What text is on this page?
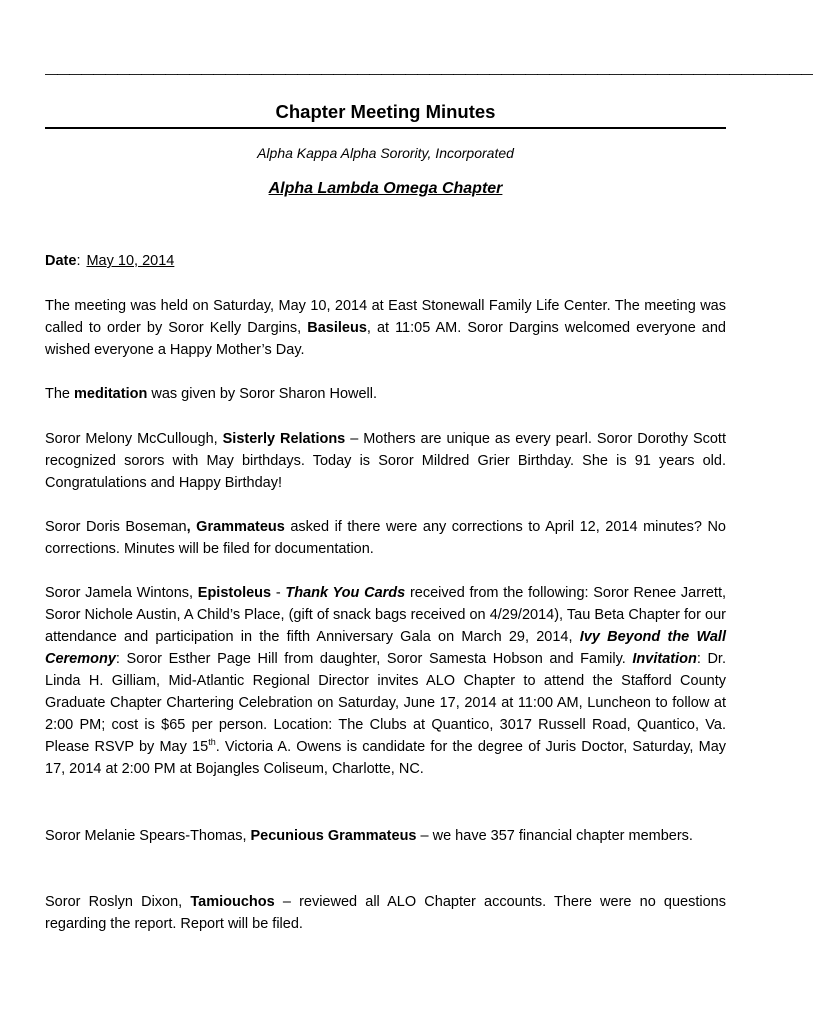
————————————————————————————————————————————————————————————————
Chapter Meeting Minutes
Alpha Kappa Alpha Sorority, Incorporated
Alpha Lambda Omega Chapter
Date: May 10, 2014

The meeting was held on Saturday, May 10, 2014 at East Stonewall Family Life Center. The meeting was called to order by Soror Kelly Dargins, Basileus, at 11:05 AM. Soror Dargins welcomed everyone and wished everyone a Happy Mother’s Day.

The meditation was given by Soror Sharon Howell.

Soror Melony McCullough, Sisterly Relations – Mothers are unique as every pearl. Soror Dorothy Scott recognized sorors with May birthdays. Today is Soror Mildred Grier Birthday. She is 91 years old. Congratulations and Happy Birthday!

Soror Doris Boseman, Grammateus asked if there were any corrections to April 12, 2014 minutes? No corrections. Minutes will be filed for documentation.

Soror Jamela Wintons, Epistoleus - Thank You Cards received from the following: Soror Renee Jarrett, Soror Nichole Austin, A Child’s Place, (gift of snack bags received on 4/29/2014), Tau Beta Chapter for our attendance and participation in the fifth Anniversary Gala on March 29, 2014, Ivy Beyond the Wall Ceremony: Soror Esther Page Hill from daughter, Soror Samesta Hobson and Family. Invitation: Dr. Linda H. Gilliam, Mid-Atlantic Regional Director invites ALO Chapter to attend the Stafford County Graduate Chapter Chartering Celebration on Saturday, June 17, 2014 at 11:00 AM, Luncheon to follow at 2:00 PM; cost is $65 per person. Location: The Clubs at Quantico, 3017 Russell Road, Quantico, Va. Please RSVP by May 15th. Victoria A. Owens is candidate for the degree of Juris Doctor, Saturday, May 17, 2014 at 2:00 PM at Bojangles Coliseum, Charlotte, NC.

Soror Melanie Spears-Thomas, Pecunious Grammateus – we have 357 financial chapter members.

Soror Roslyn Dixon, Tamiouchos – reviewed all ALO Chapter accounts. There were no questions regarding the report. Report will be filed.
